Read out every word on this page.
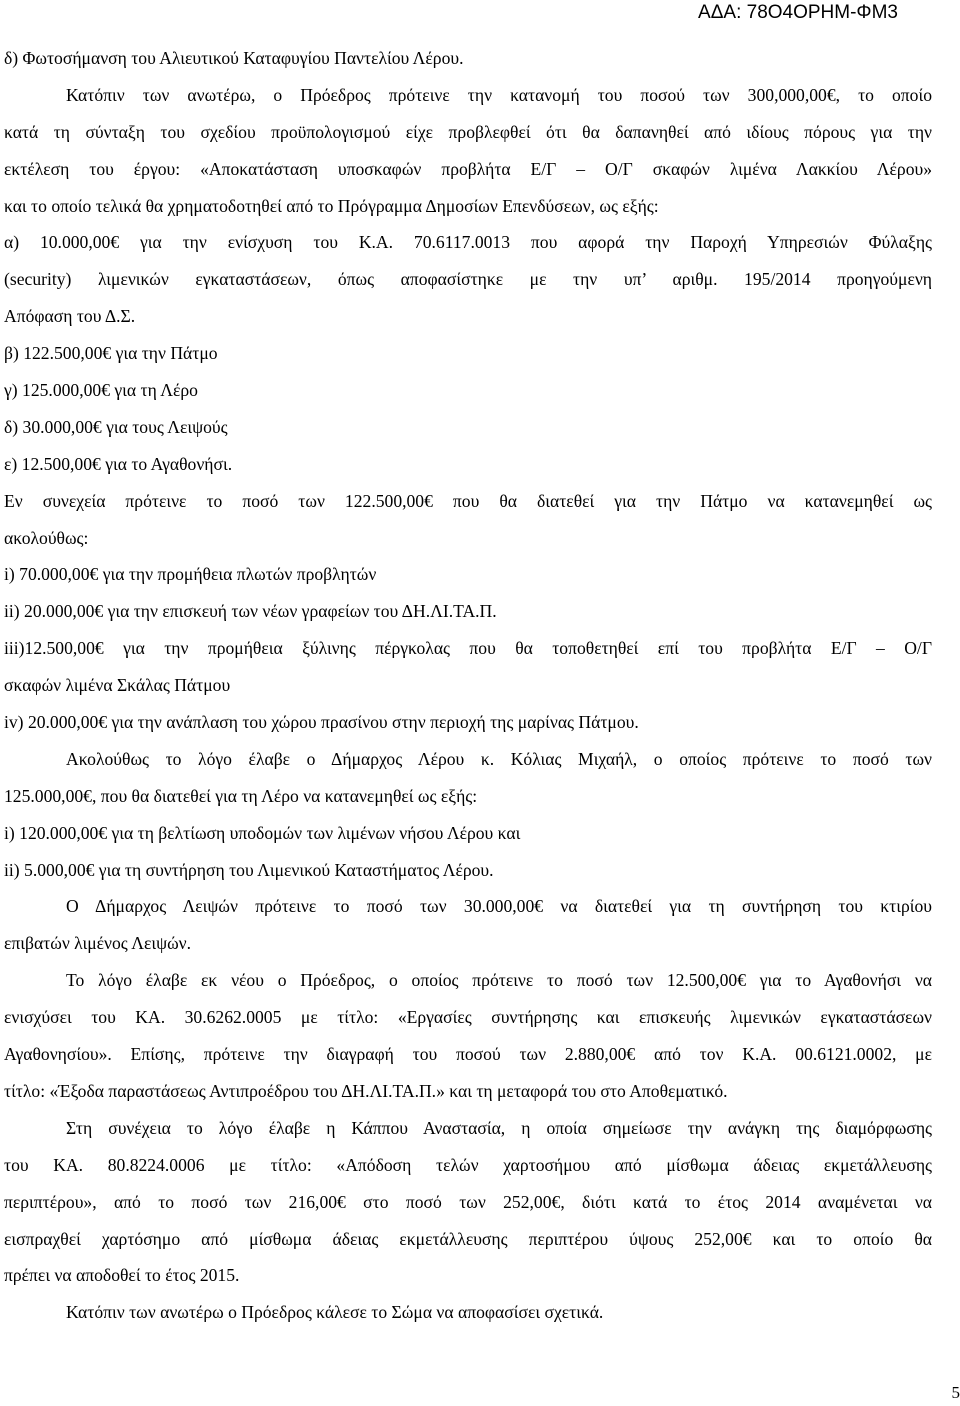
ΑΔΑ: 78Ο4ΟΡΗΜ-ΦΜ3
δ) Φωτοσήμανση του Αλιευτικού Καταφυγίου Παντελίου Λέρου.
Κατόπιν των ανωτέρω, ο Πρόεδρος πρότεινε την κατανομή του ποσού των 300,000,00€, το οποίο
κατά τη σύνταξη του σχεδίου προϋπολογισμού είχε προβλεφθεί ότι θα δαπανηθεί από ιδίους πόρους για την
εκτέλεση του έργου: «Αποκατάσταση υποσκαφών προβλήτα Ε/Γ – Ο/Γ σκαφών λιμένα Λακκίου Λέρου»
και το οποίο τελικά θα χρηματοδοτηθεί από το Πρόγραμμα Δημοσίων Επενδύσεων, ως εξής:
α) 10.000,00€ για την ενίσχυση του Κ.Α. 70.6117.0013 που αφορά την Παροχή Υπηρεσιών Φύλαξης
(security) λιμενικών εγκαταστάσεων, όπως αποφασίστηκε με την υπ’ αριθμ. 195/2014 προηγούμενη
Απόφαση του Δ.Σ.
β) 122.500,00€ για την Πάτμο
γ) 125.000,00€ για τη Λέρο
δ) 30.000,00€ για τους Λειψούς
ε) 12.500,00€ για το Αγαθονήσι.
Εν συνεχεία πρότεινε το ποσό των 122.500,00€ που θα διατεθεί για την Πάτμο να κατανεμηθεί ως
ακολούθως:
i) 70.000,00€ για την προμήθεια πλωτών προβλητών
ii) 20.000,00€ για την επισκευή των νέων γραφείων του ΔΗ.ΛΙ.ΤΑ.Π.
iii)12.500,00€ για την προμήθεια ξύλινης πέργκολας που θα τοποθετηθεί επί του προβλήτα Ε/Γ – Ο/Γ
σκαφών λιμένα Σκάλας Πάτμου
iv) 20.000,00€ για την ανάπλαση του χώρου πρασίνου στην περιοχή της μαρίνας Πάτμου.
Ακολούθως το λόγο έλαβε ο Δήμαρχος Λέρου κ. Κόλιας Μιχαήλ, ο οποίος πρότεινε το ποσό των
125.000,00€, που θα διατεθεί για τη Λέρο να κατανεμηθεί ως εξής:
i) 120.000,00€ για τη βελτίωση υποδομών των λιμένων νήσου Λέρου και
ii) 5.000,00€ για τη συντήρηση του Λιμενικού Καταστήματος Λέρου.
Ο Δήμαρχος Λειψών πρότεινε το ποσό των 30.000,00€ να διατεθεί για τη συντήρηση του κτιρίου
επιβατών λιμένος Λειψών.
Το λόγο έλαβε εκ νέου ο Πρόεδρος, ο οποίος πρότεινε το ποσό των 12.500,00€ για το Αγαθονήσι να
ενισχύσει του ΚΑ. 30.6262.0005 με τίτλο: «Εργασίες συντήρησης και επισκευής λιμενικών εγκαταστάσεων
Αγαθονησίου». Επίσης, πρότεινε την διαγραφή του ποσού των 2.880,00€ από τον Κ.Α. 00.6121.0002, με
τίτλο: «Έξοδα παραστάσεως Αντιπροέδρου του ΔΗ.ΛΙ.ΤΑ.Π.» και τη μεταφορά του στο Αποθεματικό.
Στη συνέχεια το λόγο έλαβε η Κάππου Αναστασία, η οποία σημείωσε την ανάγκη της διαμόρφωσης
του ΚΑ. 80.8224.0006 με τίτλο: «Απόδοση τελών χαρτοσήμου από μίσθωμα άδειας εκμετάλλευσης
περιπτέρου», από το ποσό των 216,00€ στο ποσό των 252,00€, διότι κατά το έτος 2014 αναμένεται να
εισπραχθεί χαρτόσημο από μίσθωμα άδειας εκμετάλλευσης περιπτέρου ύψους 252,00€ και το οποίο θα
πρέπει να αποδοθεί το έτος 2015.
Κατόπιν των ανωτέρω ο Πρόεδρος κάλεσε το Σώμα να αποφασίσει σχετικά.
5
